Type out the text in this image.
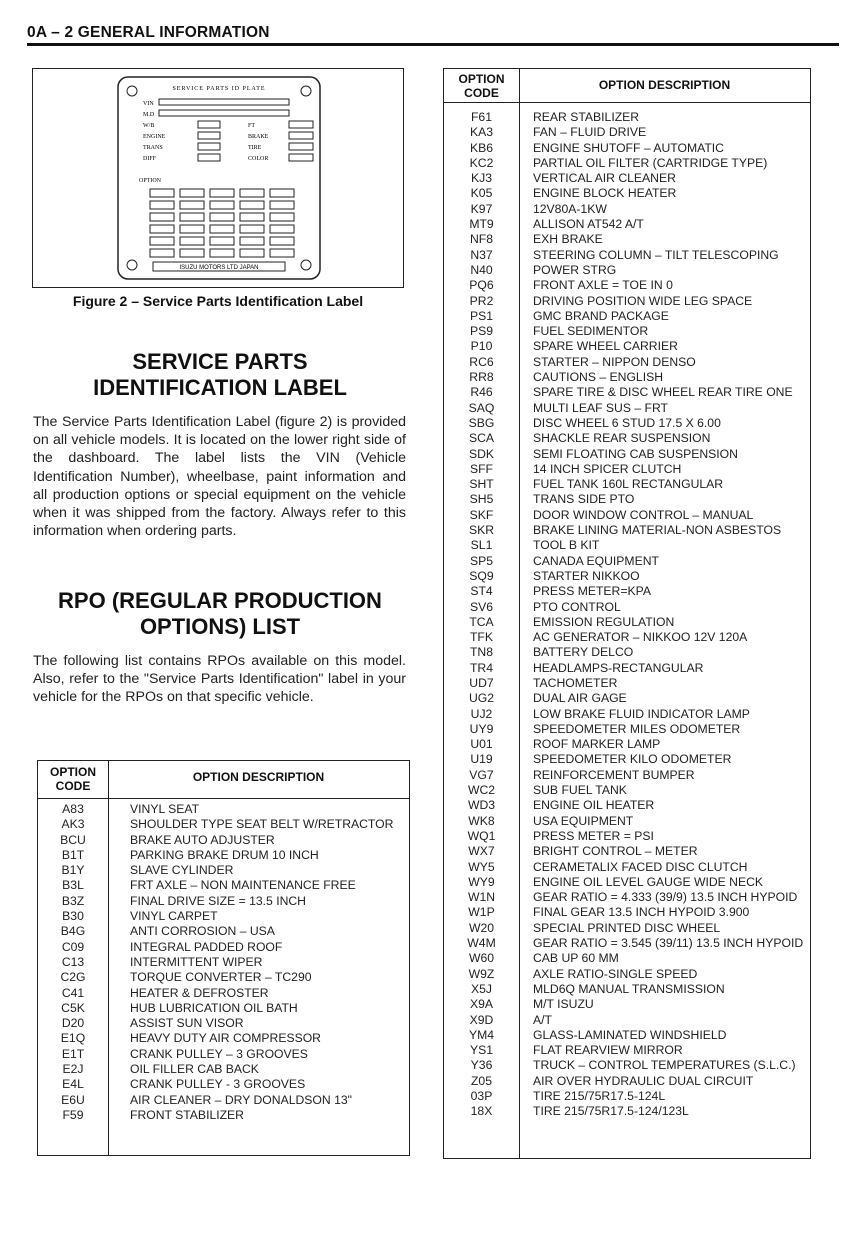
0A – 2 GENERAL INFORMATION
SERVICE PARTS ID PLATE
VIN
M.D
W/B	FT
ENGINE	BRAKE
TRANS	TIRE
DIFF	COLOR
OPTION
ISUZU MOTORS LTD JAPAN
Figure 2 – Service Parts Identification Label
SERVICE PARTS IDENTIFICATION LABEL
The Service Parts Identification Label (figure 2) is provided on all vehicle models. It is located on the lower right side of the dashboard. The label lists the VIN (Vehicle Identification Number), wheelbase, paint information and all production options or special equipment on the vehicle when it was shipped from the factory. Always refer to this information when ordering parts.
RPO (REGULAR PRODUCTION OPTIONS) LIST
The following list contains RPOs available on this model. Also, refer to the "Service Parts Identification" label in your vehicle for the RPOs on that specific vehicle.
OPTION CODE
OPTION DESCRIPTION
A83	VINYL SEAT
AK3	SHOULDER TYPE SEAT BELT W/RETRACTOR
BCU	BRAKE AUTO ADJUSTER
B1T	PARKING BRAKE DRUM 10 INCH
B1Y	SLAVE CYLINDER
B3L	FRT AXLE – NON MAINTENANCE FREE
B3Z	FINAL DRIVE SIZE = 13.5 INCH
B30	VINYL CARPET
B4G	ANTI CORROSION – USA
C09	INTEGRAL PADDED ROOF
C13	INTERMITTENT WIPER
C2G	TORQUE CONVERTER – TC290
C41	HEATER & DEFROSTER
C5K	HUB LUBRICATION OIL BATH
D20	ASSIST SUN VISOR
E1Q	HEAVY DUTY AIR COMPRESSOR
E1T	CRANK PULLEY – 3 GROOVES
E2J	OIL FILLER CAB BACK
E4L	CRANK PULLEY - 3 GROOVES
E6U	AIR CLEANER – DRY DONALDSON 13"
F59	FRONT STABILIZER
OPTION CODE
OPTION DESCRIPTION
F61	REAR STABILIZER
KA3	FAN – FLUID DRIVE
KB6	ENGINE SHUTOFF – AUTOMATIC
KC2	PARTIAL OIL FILTER (CARTRIDGE TYPE)
KJ3	VERTICAL AIR CLEANER
K05	ENGINE BLOCK HEATER
K97	12V80A-1KW
MT9	ALLISON AT542 A/T
NF8	EXH BRAKE
N37	STEERING COLUMN – TILT TELESCOPING
N40	POWER STRG
PQ6	FRONT AXLE = TOE IN 0
PR2	DRIVING POSITION WIDE LEG SPACE
PS1	GMC BRAND PACKAGE
PS9	FUEL SEDIMENTOR
P10	SPARE WHEEL CARRIER
RC6	STARTER – NIPPON DENSO
RR8	CAUTIONS – ENGLISH
R46	SPARE TIRE & DISC WHEEL REAR TIRE ONE
SAQ	MULTI LEAF SUS – FRT
SBG	DISC WHEEL 6 STUD 17.5 X 6.00
SCA	SHACKLE REAR SUSPENSION
SDK	SEMI FLOATING CAB SUSPENSION
SFF	14 INCH SPICER CLUTCH
SHT	FUEL TANK 160L RECTANGULAR
SH5	TRANS SIDE PTO
SKF	DOOR WINDOW CONTROL – MANUAL
SKR	BRAKE LINING MATERIAL-NON ASBESTOS
SL1	TOOL B KIT
SP5	CANADA EQUIPMENT
SQ9	STARTER NIKKOO
ST4	PRESS METER=KPA
SV6	PTO CONTROL
TCA	EMISSION REGULATION
TFK	AC GENERATOR – NIKKOO 12V 120A
TN8	BATTERY DELCO
TR4	HEADLAMPS-RECTANGULAR
UD7	TACHOMETER
UG2	DUAL AIR GAGE
UJ2	LOW BRAKE FLUID INDICATOR LAMP
UY9	SPEEDOMETER MILES ODOMETER
U01	ROOF MARKER LAMP
U19	SPEEDOMETER KILO ODOMETER
VG7	REINFORCEMENT BUMPER
WC2	SUB FUEL TANK
WD3	ENGINE OIL HEATER
WK8	USA EQUIPMENT
WQ1	PRESS METER = PSI
WX7	BRIGHT CONTROL – METER
WY5	CERAMETALIX FACED DISC CLUTCH
WY9	ENGINE OIL LEVEL GAUGE WIDE NECK
W1N	GEAR RATIO = 4.333 (39/9) 13.5 INCH HYPOID
W1P	FINAL GEAR 13.5 INCH HYPOID 3.900
W20	SPECIAL PRINTED DISC WHEEL
W4M	GEAR RATIO = 3.545 (39/11) 13.5 INCH HYPOID
W60	CAB UP 60 MM
W9Z	AXLE RATIO-SINGLE SPEED
X5J	MLD6Q MANUAL TRANSMISSION
X9A	M/T ISUZU
X9D	A/T
YM4	GLASS-LAMINATED WINDSHIELD
YS1	FLAT REARVIEW MIRROR
Y36	TRUCK – CONTROL TEMPERATURES (S.L.C.)
Z05	AIR OVER HYDRAULIC DUAL CIRCUIT
03P	TIRE 215/75R17.5-124L
18X	TIRE 215/75R17.5-124/123L
